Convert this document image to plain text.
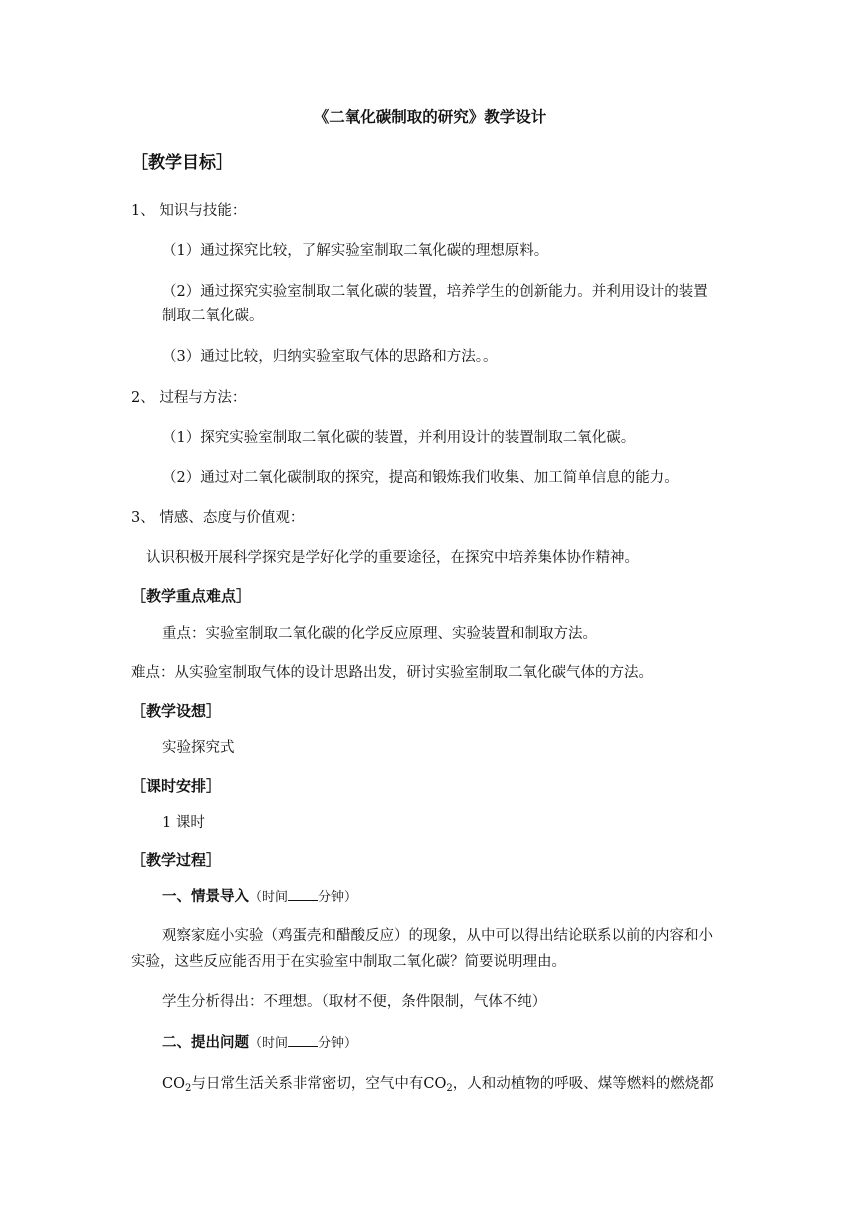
《二氧化碳制取的研究》教学设计
［教学目标］
1、 知识与技能：
（1）通过探究比较，了解实验室制取二氧化碳的理想原料。
（2）通过探究实验室制取二氧化碳的装置，培养学生的创新能力。并利用设计的装置
制取二氧化碳。
（3）通过比较，归纳实验室取气体的思路和方法。。
2、 过程与方法：
（1）探究实验室制取二氧化碳的装置，并利用设计的装置制取二氧化碳。
（2）通过对二氧化碳制取的探究，提高和锻炼我们收集、加工简单信息的能力。
3、 情感、态度与价值观：
认识积极开展科学探究是学好化学的重要途径，在探究中培养集体协作精神。
［教学重点难点］
重点：实验室制取二氧化碳的化学反应原理、实验装置和制取方法。
难点：从实验室制取气体的设计思路出发，研讨实验室制取二氧化碳气体的方法。
［教学设想］
实验探究式
［课时安排］
1 课时
［教学过程］
一、情景导入（时间 分钟）
观察家庭小实验（鸡蛋壳和醋酸反应）的现象，从中可以得出结论联系以前的内容和小
实验，这些反应能否用于在实验室中制取二氧化碳？简要说明理由。
学生分析得出：不理想。（取材不便，条件限制，气体不纯）
二、提出问题（时间 分钟）
$CO_2$与日常生活关系非常密切，空气中有$CO_2$，人和动植物的呼吸、煤等燃料的燃烧都
